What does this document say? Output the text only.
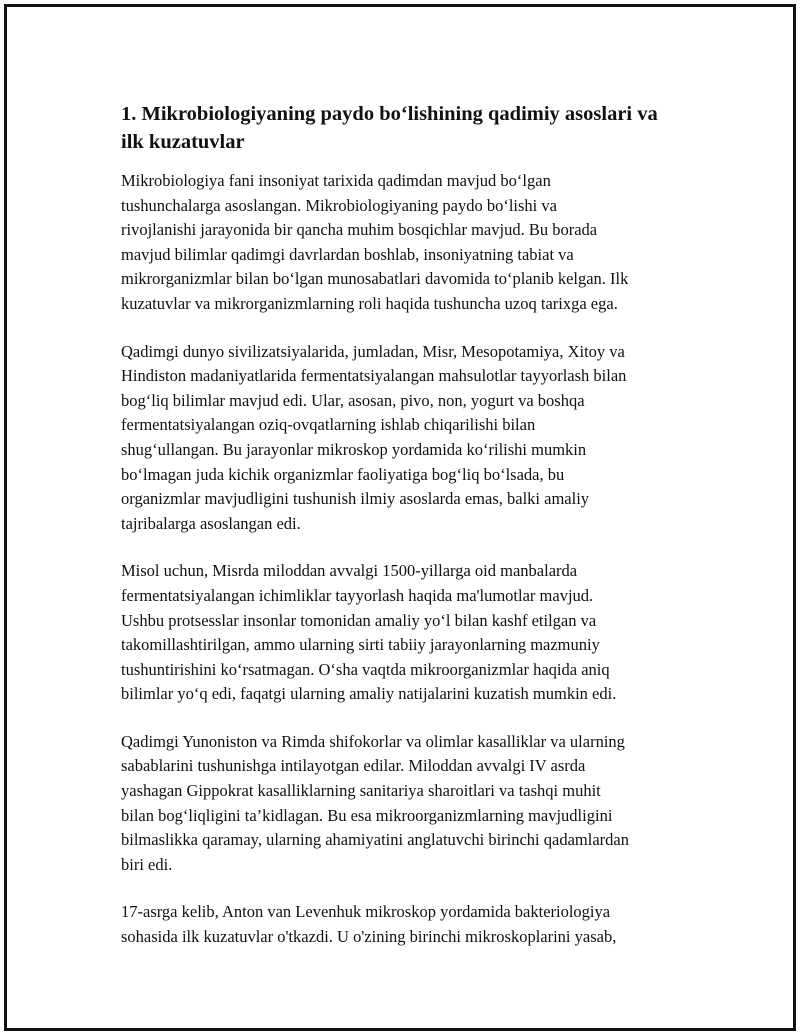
1. Mikrobiologiyaning paydo bo‘lishining qadimiy asoslari va
ilk kuzatuvlar

Mikrobiologiya fani insoniyat tarixida qadimdan mavjud bo‘lgan
tushunchalarga asoslangan. Mikrobiologiyaning paydo bo‘lishi va
rivojlanishi jarayonida bir qancha muhim bosqichlar mavjud. Bu borada
mavjud bilimlar qadimgi davrlardan boshlab, insoniyatning tabiat va
mikrorganizmlar bilan bo‘lgan munosabatlari davomida to‘planib kelgan. Ilk
kuzatuvlar va mikrorganizmlarning roli haqida tushuncha uzoq tarixga ega.

Qadimgi dunyo sivilizatsiyalarida, jumladan, Misr, Mesopotamiya, Xitoy va
Hindiston madaniyatlarida fermentatsiyalangan mahsulotlar tayyorlash bilan
bog‘liq bilimlar mavjud edi. Ular, asosan, pivo, non, yogurt va boshqa
fermentatsiyalangan oziq-ovqatlarning ishlab chiqarilishi bilan
shug‘ullangan. Bu jarayonlar mikroskop yordamida ko‘rilishi mumkin
bo‘lmagan juda kichik organizmlar faoliyatiga bog‘liq bo‘lsada, bu
organizmlar mavjudligini tushunish ilmiy asoslarda emas, balki amaliy
tajribalarga asoslangan edi.

Misol uchun, Misrda miloddan avvalgi 1500-yillarga oid manbalarda
fermentatsiyalangan ichimliklar tayyorlash haqida ma'lumotlar mavjud.
Ushbu protsesslar insonlar tomonidan amaliy yo‘l bilan kashf etilgan va
takomillashtirilgan, ammo ularning sirti tabiiy jarayonlarning mazmuniy
tushuntirishini ko‘rsatmagan. O‘sha vaqtda mikroorganizmlar haqida aniq
bilimlar yo‘q edi, faqatgi ularning amaliy natijalarini kuzatish mumkin edi.

Qadimgi Yunoniston va Rimda shifokorlar va olimlar kasalliklar va ularning
sabablarini tushunishga intilayotgan edilar. Miloddan avvalgi IV asrda
yashagan Gippokrat kasalliklarning sanitariya sharoitlari va tashqi muhit
bilan bog‘liqligini ta’kidlagan. Bu esa mikroorganizmlarning mavjudligini
bilmaslikka qaramay, ularning ahamiyatini anglatuvchi birinchi qadamlardan
biri edi.

17-asrga kelib, Anton van Levenhuk mikroskop yordamida bakteriologiya
sohasida ilk kuzatuvlar o'tkazdi. U o'zining birinchi mikroskoplarini yasab,
